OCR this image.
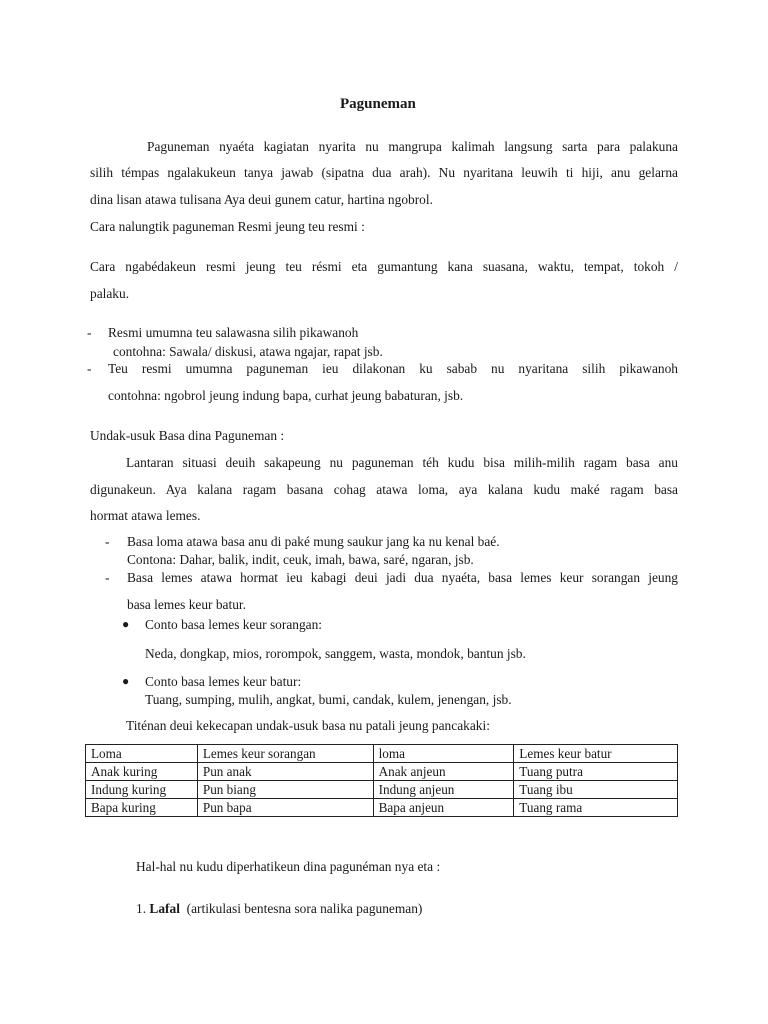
Paguneman
Paguneman nyaéta kagiatan nyarita nu mangrupa kalimah langsung sarta para palakuna
silih témpas ngalakukeun tanya jawab (sipatna dua arah). Nu nyaritana leuwih ti hiji, anu gelarna
dina lisan atawa tulisana Aya deui gunem catur, hartina ngobrol.
Cara nalungtik paguneman Resmi jeung teu resmi :
Cara ngabédakeun resmi jeung teu résmi eta gumantung kana suasana, waktu, tempat, tokoh /
palaku.
- Resmi umumna teu salawasna silih pikawanoh
contohna: Sawala/ diskusi, atawa ngajar, rapat jsb.
- Teu resmi umumna paguneman ieu dilakonan ku sabab nu nyaritana silih pikawanoh
contohna: ngobrol jeung indung bapa, curhat jeung babaturan, jsb.
Undak-usuk Basa dina Paguneman :
Lantaran situasi deuih sakapeung nu paguneman téh kudu bisa milih-milih ragam basa anu
digunakeun. Aya kalana ragam basana cohag atawa loma, aya kalana kudu maké ragam basa
hormat atawa lemes.
- Basa loma atawa basa anu di paké mung saukur jang ka nu kenal baé.
Contona: Dahar, balik, indit, ceuk, imah, bawa, saré, ngaran, jsb.
- Basa lemes atawa hormat ieu kabagi deui jadi dua nyaéta, basa lemes keur sorangan jeung
basa lemes keur batur.
● Conto basa lemes keur sorangan:
Neda, dongkap, mios, rorompok, sanggem, wasta, mondok, bantun jsb.
● Conto basa lemes keur batur:
Tuang, sumping, mulih, angkat, bumi, candak, kulem, jenengan, jsb.
Titénan deui kekecapan undak-usuk basa nu patali jeung pancakaki:
Loma	Lemes keur sorangan	loma	Lemes keur batur
Anak kuring	Pun anak	Anak anjeun	Tuang putra
Indung kuring	Pun biang	Indung anjeun	Tuang ibu
Bapa kuring	Pun bapa	Bapa anjeun	Tuang rama
Hal-hal nu kudu diperhatikeun dina pagunéman nya eta :
1. Lafal (artikulasi bentesna sora nalika paguneman)
